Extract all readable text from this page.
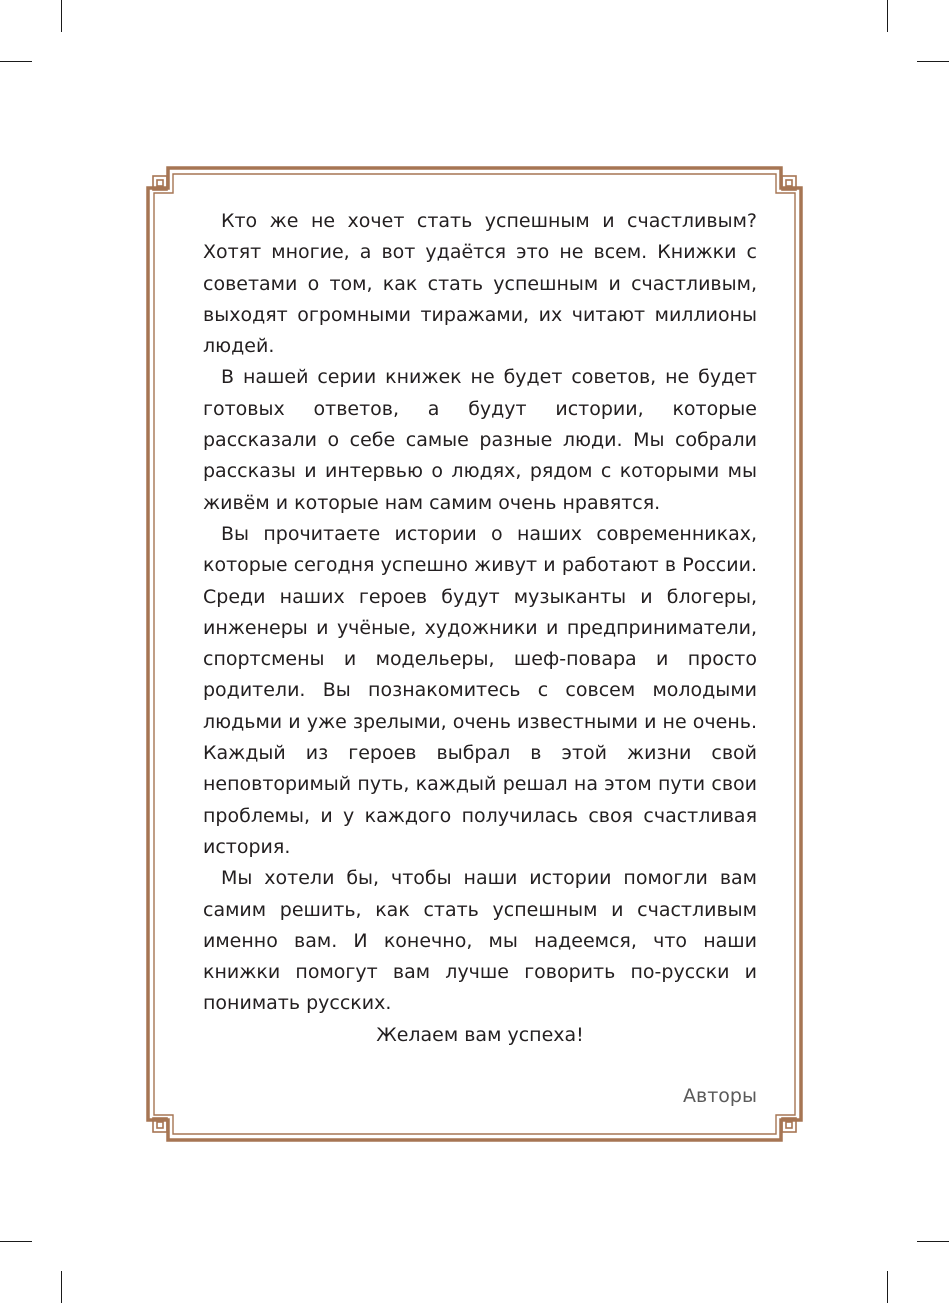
Кто же не хочет стать успешным и счастливым? Хотят многие, а вот удаётся это не всем. Книжки с советами о том, как стать успешным и счастливым, выходят огромными тиражами, их читают миллионы людей.

В нашей серии книжек не будет советов, не будет готовых ответов, а будут истории, которые рассказали о себе самые разные люди. Мы собрали рассказы и интервью о людях, рядом с которыми мы живём и которые нам самим очень нравятся.

Вы прочитаете истории о наших современниках, которые сегодня успешно живут и работают в России. Среди наших героев будут музыканты и блогеры, инженеры и учёные, художники и предприниматели, спортсмены и модельеры, шеф-повара и просто родители. Вы познакомитесь с совсем молодыми людьми и уже зрелыми, очень известными и не очень. Каждый из героев выбрал в этой жизни свой неповторимый путь, каждый решал на этом пути свои проблемы, и у каждого получилась своя счастливая история.

Мы хотели бы, чтобы наши истории помогли вам самим решить, как стать успешным и счастливым именно вам. И конечно, мы надеемся, что наши книжки помогут вам лучше говорить по-русски и понимать русских.

Желаем вам успеха!

Авторы
